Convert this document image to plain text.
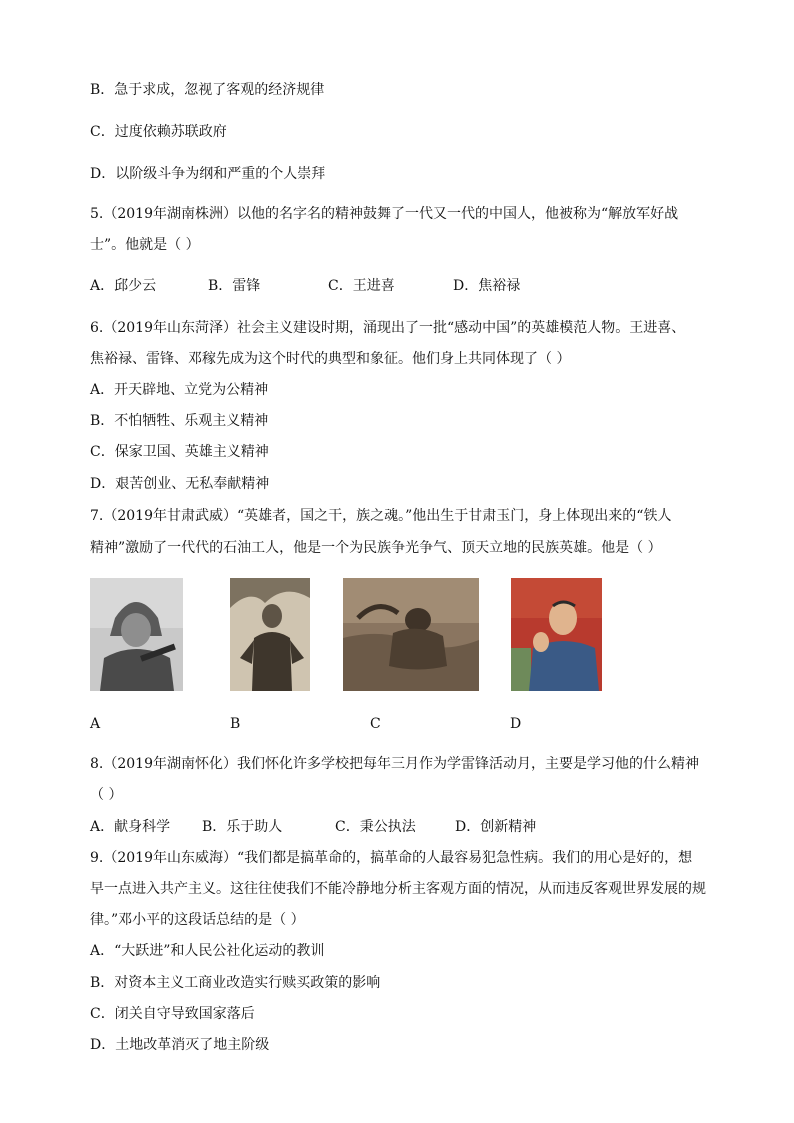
B．急于求成，忽视了客观的经济规律

C．过度依赖苏联政府

D．以阶级斗争为纲和严重的个人崇拜

5.（2019年湖南株洲）以他的名字名的精神鼓舞了一代又一代的中国人，他被称为“解放军好战

士”。他就是（ ）

A．邱少云	B．雷锋	C．王进喜	D．焦裕禄

6.（2019年山东菏泽）社会主义建设时期，涌现出了一批“感动中国”的英雄模范人物。王进喜、

焦裕禄、雷锋、邓稼先成为这个时代的典型和象征。他们身上共同体现了（ ）

A．开天辟地、立党为公精神

B．不怕牺牲、乐观主义精神

C．保家卫国、英雄主义精神

D．艰苦创业、无私奉献精神

7.（2019年甘肃武威）“英雄者，国之干，族之魂。”他出生于甘肃玉门，身上体现出来的“铁人

精神”激励了一代代的石油工人，他是一个为民族争光争气、顶天立地的民族英雄。他是（ ）

A	B	C	D

8.（2019年湖南怀化）我们怀化许多学校把每年三月作为学雷锋活动月，主要是学习他的什么精神

（ ）

A．献身科学 B．乐于助人	C．秉公执法	D．创新精神

9.（2019年山东威海）“我们都是搞革命的，搞革命的人最容易犯急性病。我们的用心是好的，想

早一点进入共产主义。这往往使我们不能冷静地分析主客观方面的情况，从而违反客观世界发展的规

律。”邓小平的这段话总结的是（ ）

A．“大跃进”和人民公社化运动的教训

B．对资本主义工商业改造实行赎买政策的影响

C．闭关自守导致国家落后

D．土地改革消灭了地主阶级
